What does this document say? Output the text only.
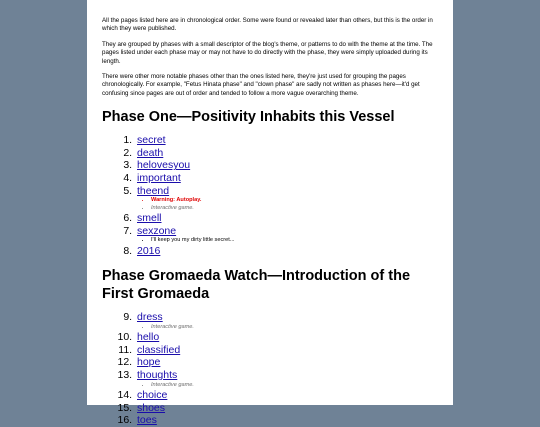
All the pages listed here are in chronological order. Some were found or revealed later than others, but this is the order in which they were published.

They are grouped by phases with a small descriptor of the blog's theme, or patterns to do with the theme at the time. The pages listed under each phase may or may not have to do directly with the phase, they were simply uploaded during its length.

There were other more notable phases other than the ones listed here, they're just used for grouping the pages chronologically. For example, "Fetus Hinata phase" and "clown phase" are sadly not written as phases here—it'd get confusing since pages are out of order and tended to follow a more vague overarching theme.

Phase One—Positivity Inhabits this Vessel
1. secret
2. death
3. helovesyou
4. important
5. theend
• Warning: Autoplay.
• Interactive game.
6. smell
7. sexzone
• I'll keep you my dirty little secret...
8. 2016
Phase Gromaeda Watch—Introduction of the First Gromaeda
9. dress
• Interactive game.
10. hello
11. classified
12. hope
13. thoughts
• Interactive game.
14. choice
15. shoes
16. toes
